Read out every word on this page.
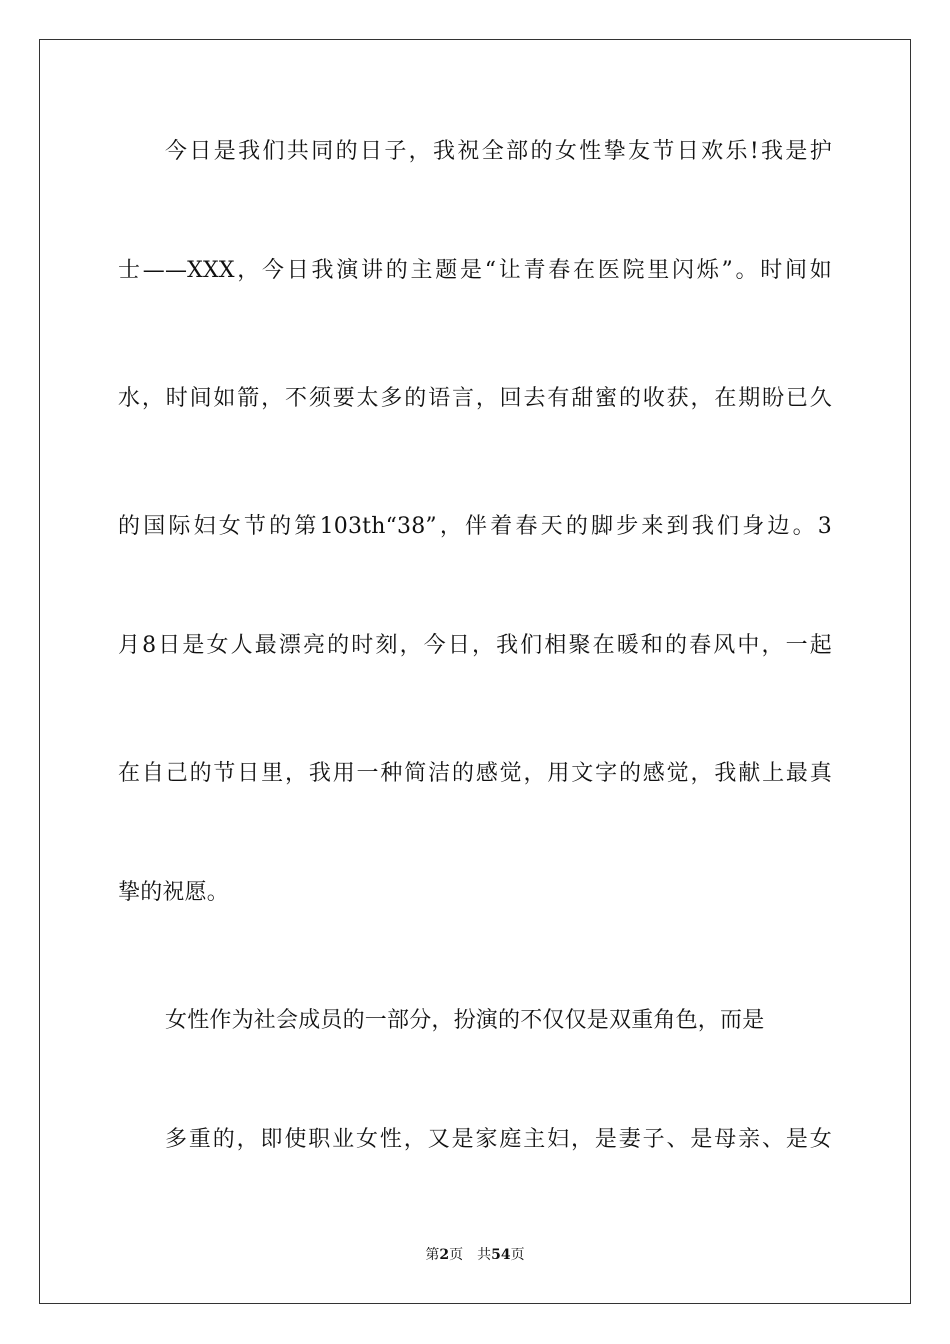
今日是我们共同的日子，我祝全部的女性挚友节日欢乐!我是护
士——XXX，今日我演讲的主题是“让青春在医院里闪烁”。时间如
水，时间如箭，不须要太多的语言，回去有甜蜜的收获，在期盼已久
的国际妇女节的第103th“38”，伴着春天的脚步来到我们身边。3
月8日是女人最漂亮的时刻，今日，我们相聚在暖和的春风中，一起
在自己的节日里，我用一种简洁的感觉，用文字的感觉，我献上最真
挚的祝愿。
女性作为社会成员的一部分，扮演的不仅仅是双重角色，而是
多重的，即使职业女性，又是家庭主妇，是妻子、是母亲、是女
第2页 共54页
